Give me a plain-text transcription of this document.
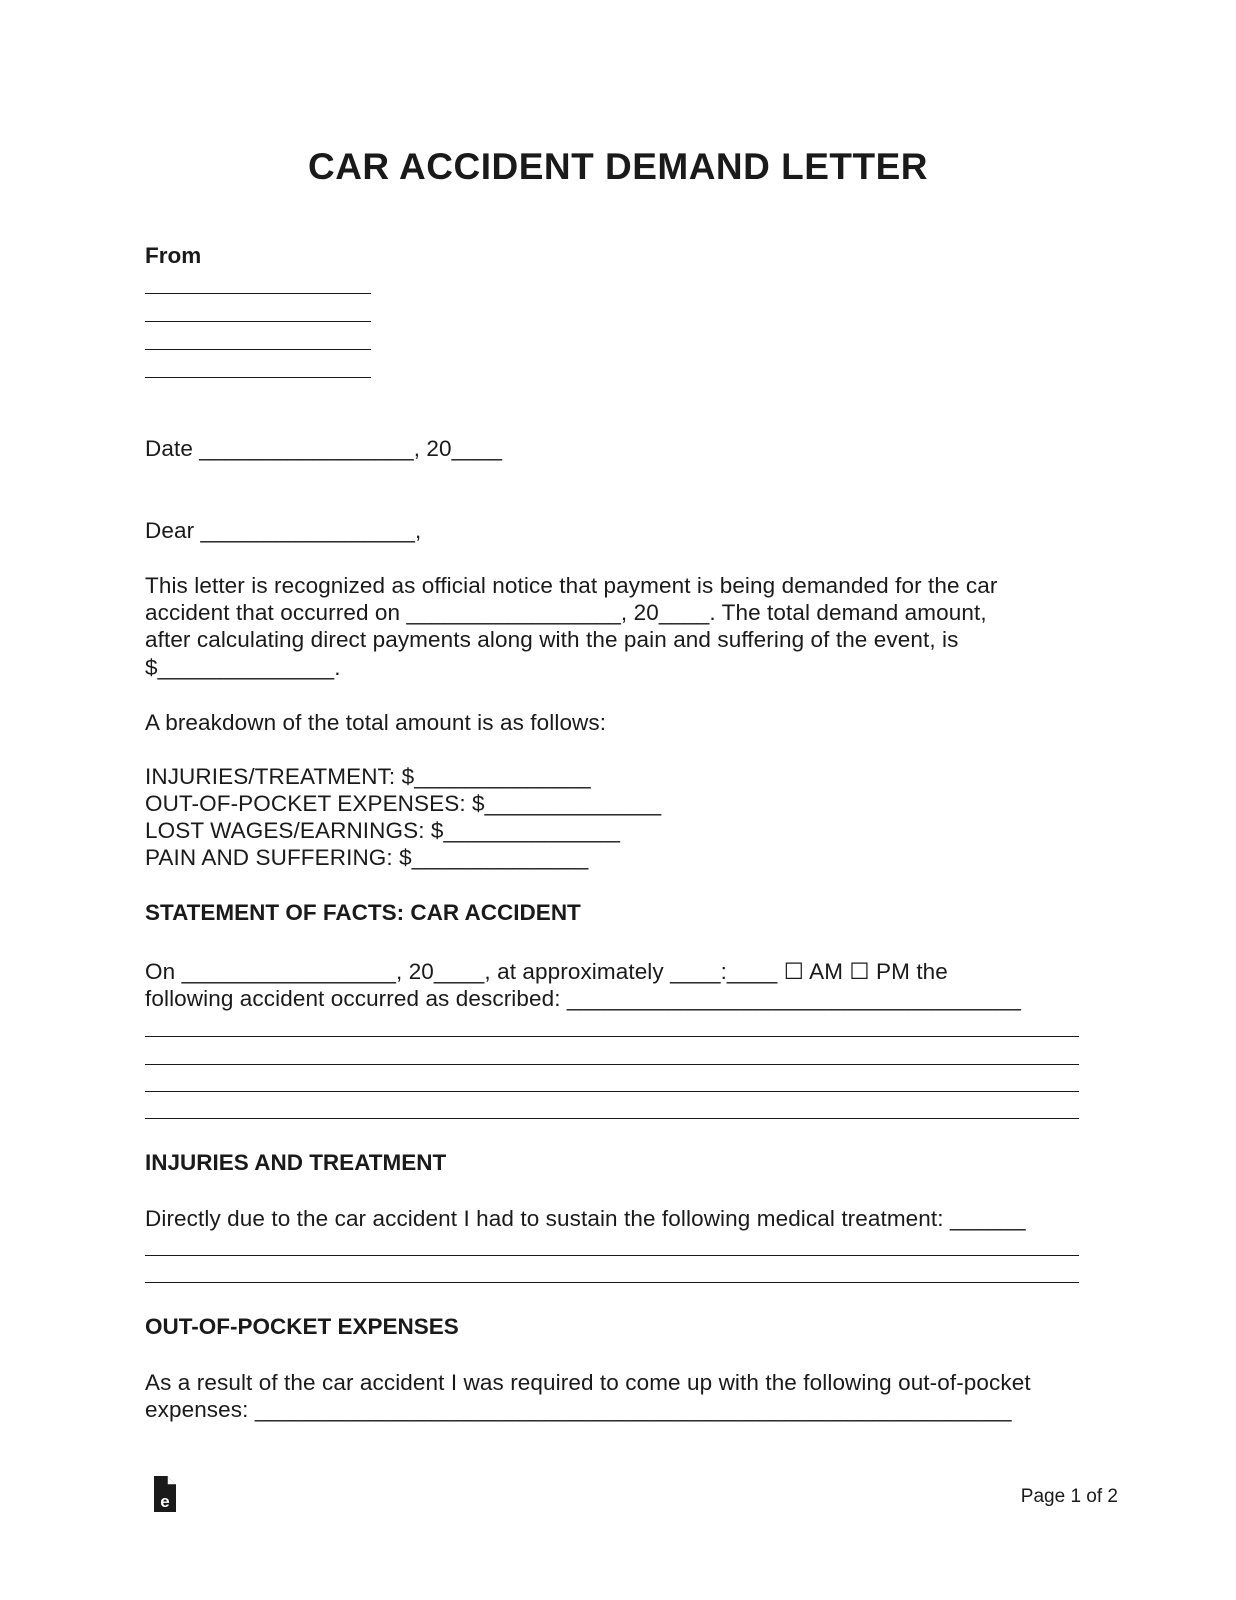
CAR ACCIDENT DEMAND LETTER
From
Date _________________, 20____
Dear _________________,
This letter is recognized as official notice that payment is being demanded for the car
accident that occurred on _________________, 20____. The total demand amount,
after calculating direct payments along with the pain and suffering of the event, is
$______________.
A breakdown of the total amount is as follows:
INJURIES/TREATMENT: $______________
OUT-OF-POCKET EXPENSES: $______________
LOST WAGES/EARNINGS: $______________
PAIN AND SUFFERING: $______________
STATEMENT OF FACTS: CAR ACCIDENT
On _________________, 20____, at approximately ____:____ ☐ AM ☐ PM the
following accident occurred as described: ____________________________________
INJURIES AND TREATMENT
Directly due to the car accident I had to sustain the following medical treatment: ______
OUT-OF-POCKET EXPENSES
As a result of the car accident I was required to come up with the following out-of-pocket
expenses: ____________________________________________________________
e	Page 1 of 2
